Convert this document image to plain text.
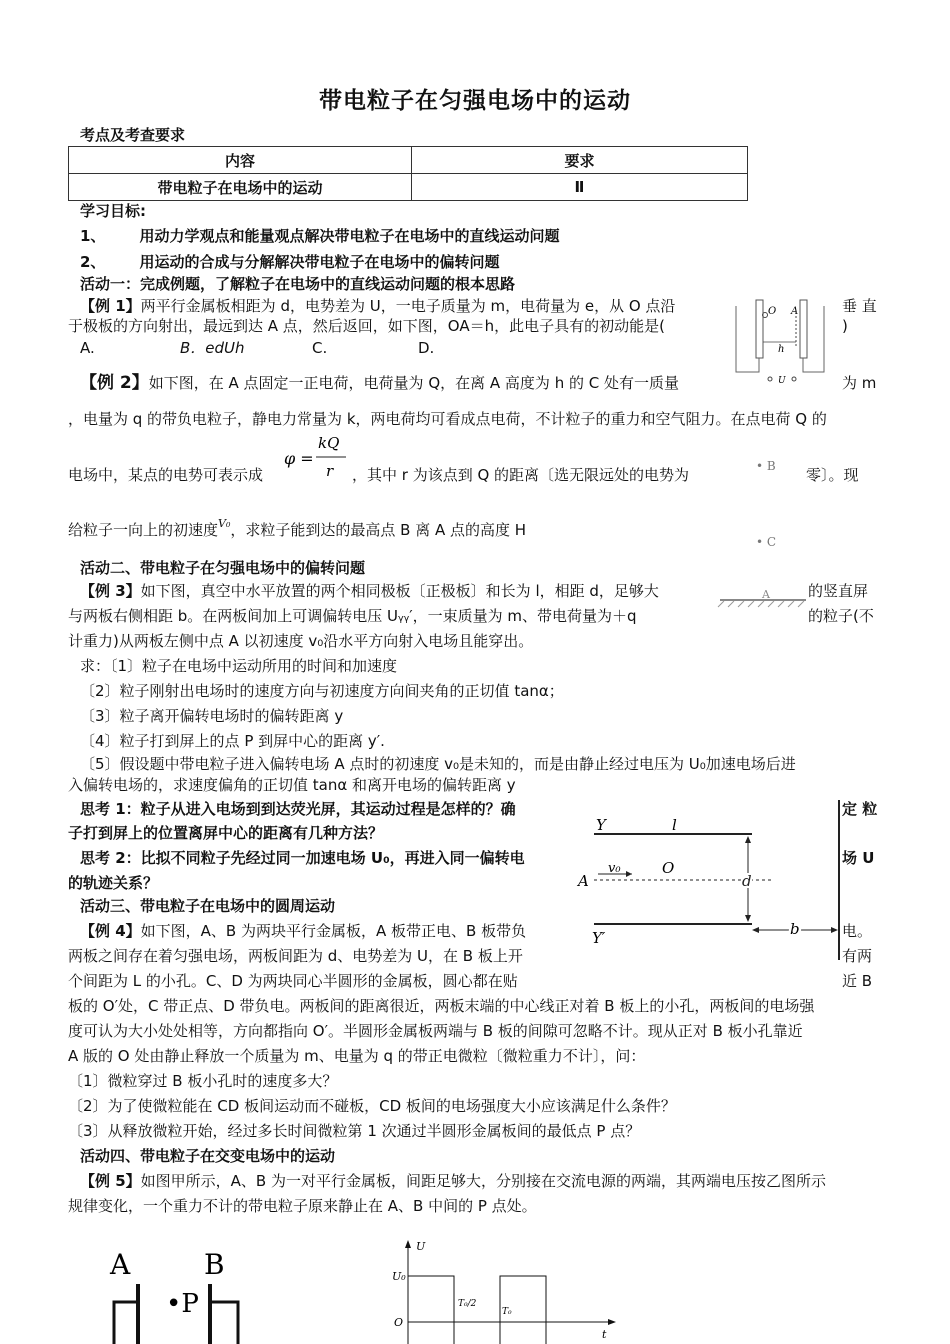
带电粒子在匀强电场中的运动
考点及考查要求
内容	要求
带电粒子在电场中的运动	Ⅱ
学习目标:
1、 用动力学观点和能量观点解决带电粒子在电场中的直线运动问题
2、 用运动的合成与分解解决带电粒子在电场中的偏转问题
活动一：完成例题，了解粒子在电场中的直线运动问题的根本思路
【例 1】两平行金属板相距为 d，电势差为 U，一电子质量为 m，电荷量为 e，从 O 点沿	垂 直
于极板的方向射出，最远到达 A 点，然后返回，如下图，OA＝h，此电子具有的初动能是(	)
A.	B．edUh	C.	D.
O A
h
U
【例 2】如下图，在 A 点固定一正电荷，电荷量为 Q，在离 A 高度为 h 的 C 处有一质量	为 m
，电量为 q 的带负电粒子，静电力常量为 k，两电荷均可看成点电荷，不计粒子的重力和空气阻力。在点电荷 Q 的
电场中，某点的电势可表示成
φ =
kQ
r ，其中 r 为该点到 Q 的距离〔选无限远处的电势为	零〕。现
给粒子一向上的初速度$^{V_0}$，求粒子能到达的最高点 B 离 A 点的高度 H
• B
• C
A
活动二、带电粒子在匀强电场中的偏转问题
【例 3】如下图，真空中水平放置的两个相同极板〔正极板〕和长为 l，相距 d，足够大	的竖直屏
与两板右侧相距 b。在两板间加上可调偏转电压 Uᵧᵧ′，一束质量为 m、带电荷量为＋q	的粒子(不
计重力)从两板左侧中点 A 以初速度 v₀沿水平方向射入电场且能穿出。
求：〔1〕粒子在电场中运动所用的时间和加速度
〔2〕粒子刚射出电场时的速度方向与初速度方向间夹角的正切值 tanα；
〔3〕粒子离开偏转电场时的偏转距离 y
〔4〕粒子打到屏上的点 P 到屏中心的距离 y′.
〔5〕假设题中带电粒子进入偏转电场 A 点时的初速度 v₀是未知的，而是由静止经过电压为 U₀加速电场后进
入偏转电场的，求速度偏角的正切值 tanα 和离开电场的偏转距离 y
思考 1：粒子从进入电场到到达荧光屏，其运动过程是怎样的？确	定 粒
子打到屏上的位置离屏中心的距离有几种方法？
思考 2：比拟不同粒子先经过同一加速电场 U₀，再进入同一偏转电	场 U
的轨迹关系？
Y
Y′
l
v₀	O
A	d
b
活动三、带电粒子在电场中的圆周运动
【例 4】如下图，A、B 为两块平行金属板，A 板带正电、B 板带负	电。
两板之间存在着匀强电场，两板间距为 d、电势差为 U，在 B 板上开	有两
个间距为 L 的小孔。C、D 为两块同心半圆形的金属板，圆心都在贴	近 B
板的 O′处，C 带正点、D 带负电。两板间的距离很近，两板末端的中心线正对着 B 板上的小孔，两板间的电场强
度可认为大小处处相等，方向都指向 O′。半圆形金属板两端与 B 板的间隙可忽略不计。现从正对 B 板小孔靠近
A 版的 O 处由静止释放一个质量为 m、电量为 q 的带正电微粒〔微粒重力不计〕，问：
〔1〕微粒穿过 B 板小孔时的速度多大？
〔2〕为了使微粒能在 CD 板间运动而不碰板，CD 板间的电场强度大小应该满足什么条件？
〔3〕从释放微粒开始，经过多长时间微粒第 1 次通过半圆形金属板间的最低点 P 点？
活动四、带电粒子在交变电场中的运动
【例 5】如图甲所示，A、B 为一对平行金属板，间距足够大，分别接在交流电源的两端，其两端电压按乙图所示
规律变化，一个重力不计的带电粒子原来静止在 A、B 中间的 P 点处。
A	B
•P
U
U₀
O
t
T₀/2
T₀
